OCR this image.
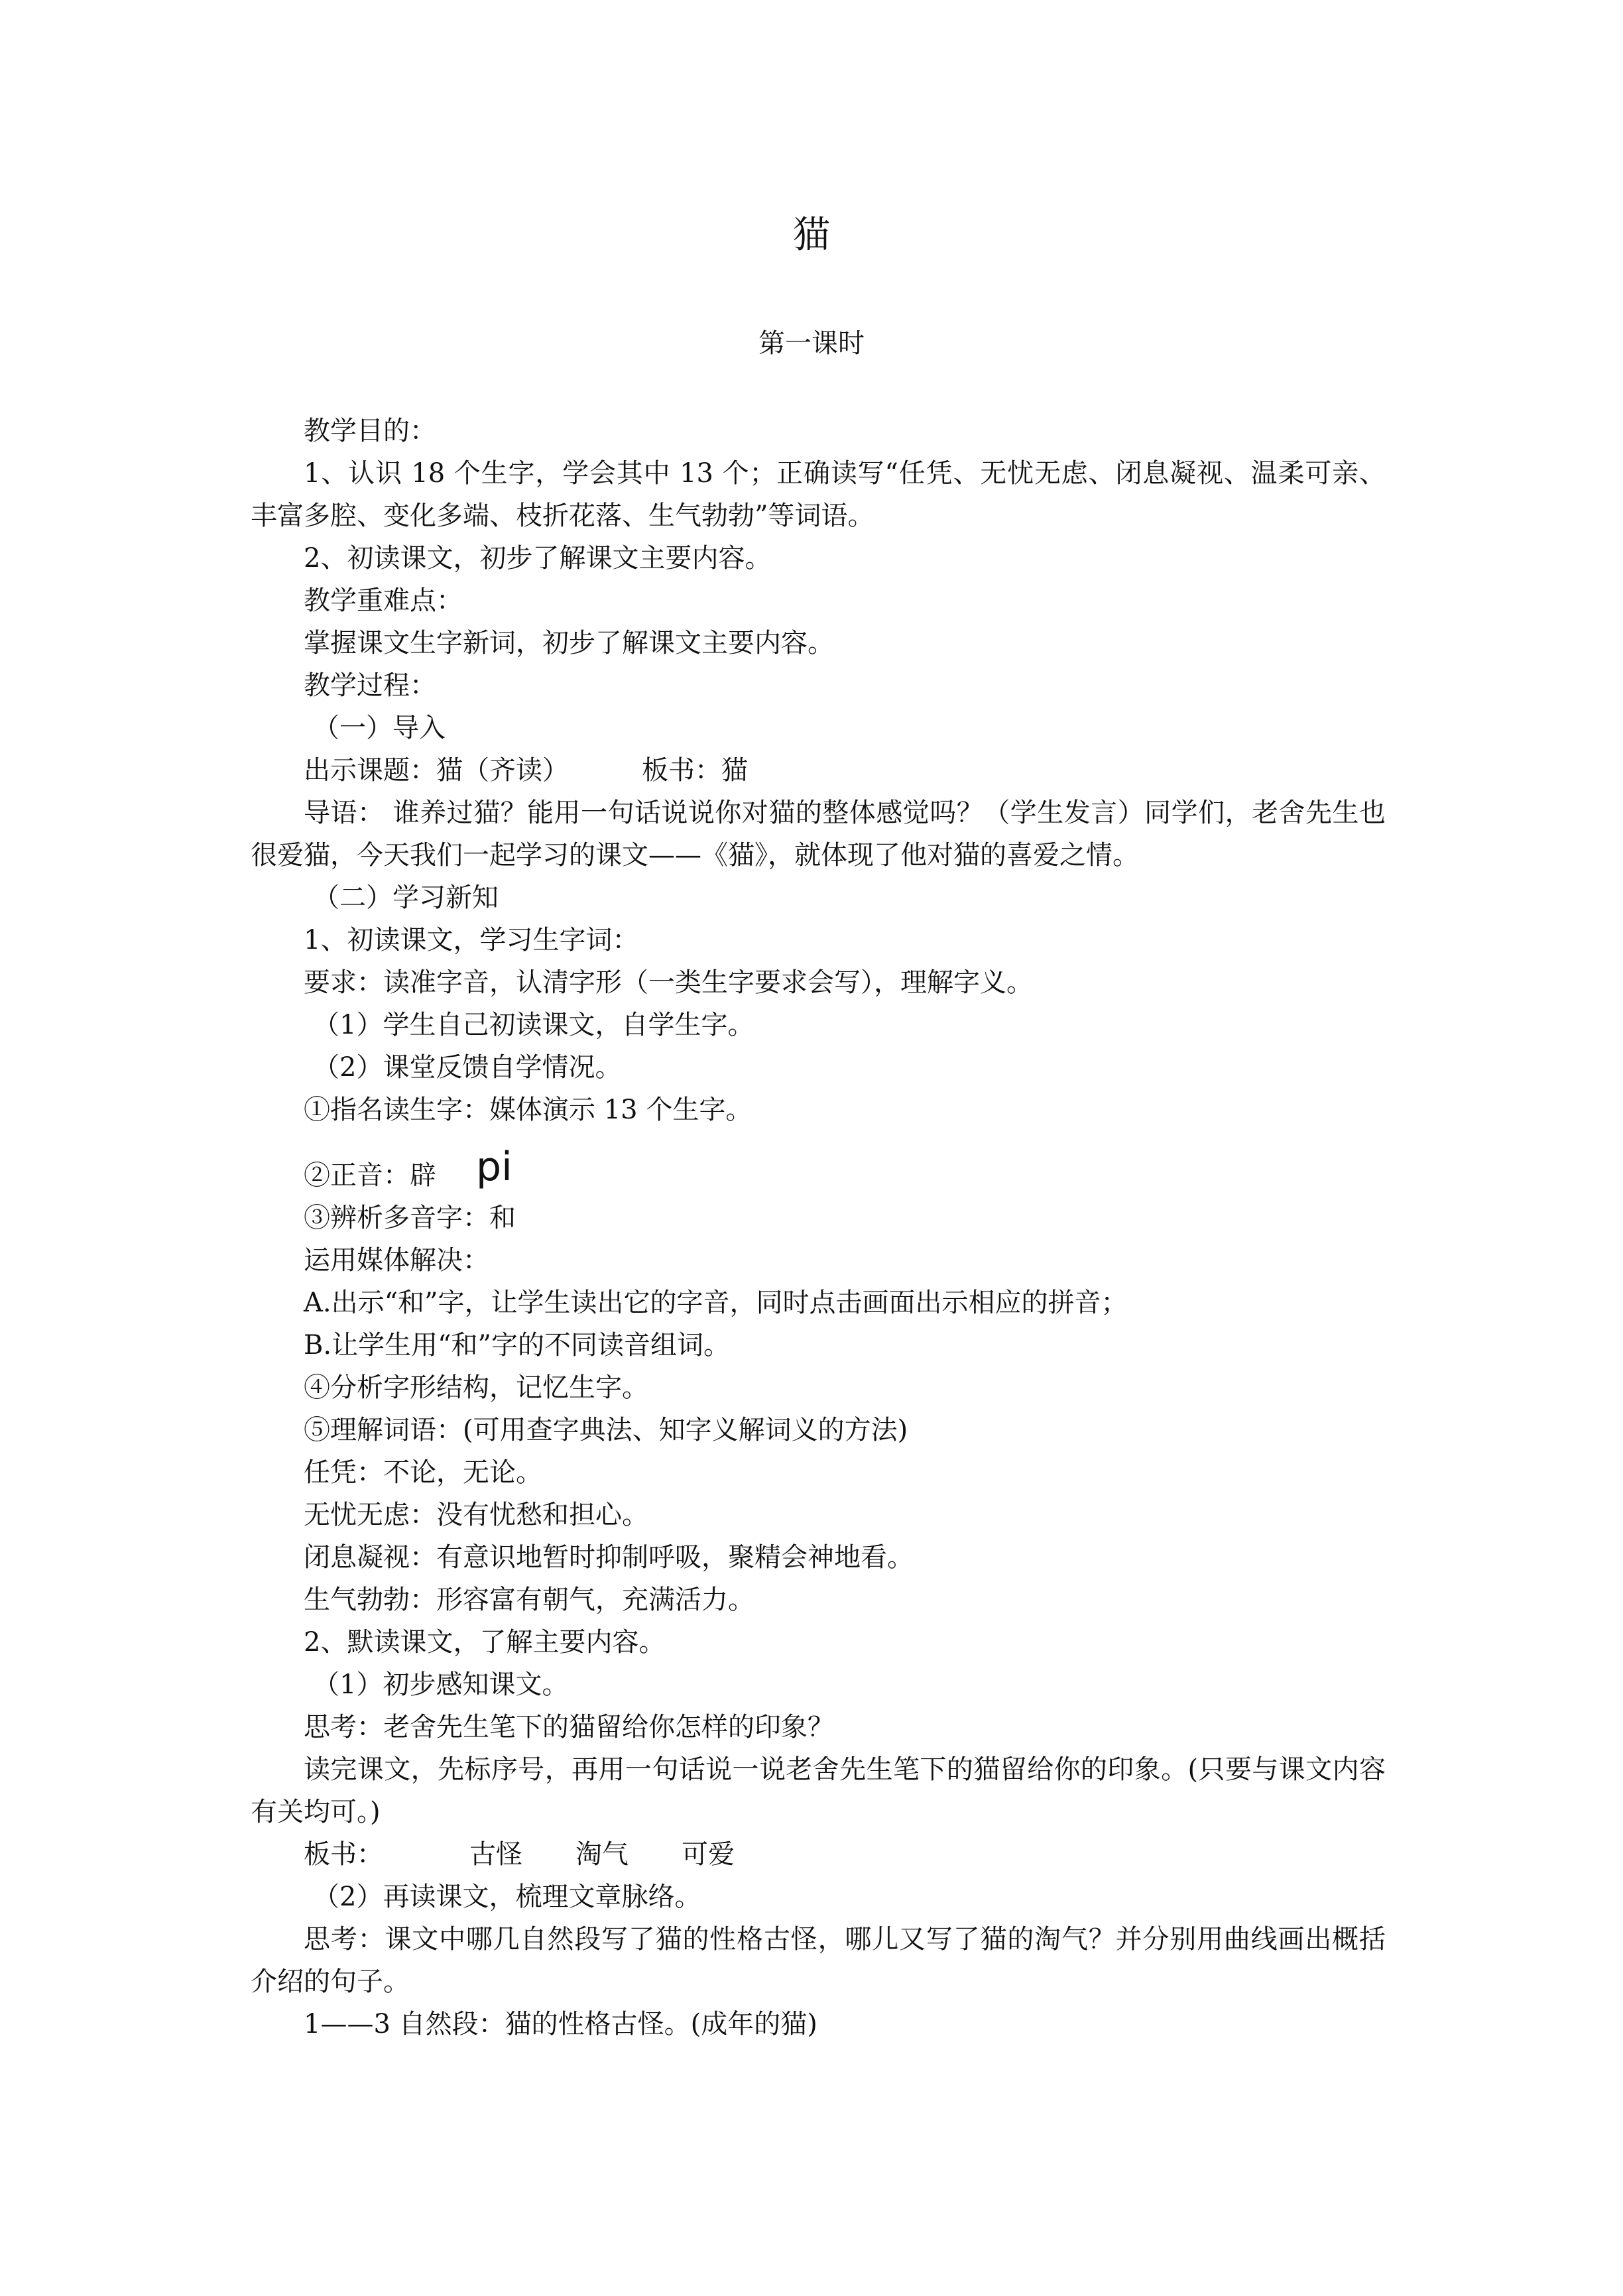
猫
第一课时

教学目的：

1、认识 18 个生字，学会其中 13 个；正确读写“任凭、无忧无虑、闭息凝视、温柔可亲、丰富多腔、变化多端、枝折花落、生气勃勃”等词语。

2、初读课文，初步了解课文主要内容。

教学重难点：

掌握课文生字新词，初步了解课文主要内容。

教学过程：

（一）导入

出示课题：猫（齐读）	板书：猫

导语： 谁养过猫？能用一句话说说你对猫的整体感觉吗？（学生发言）同学们，老舍先生也很爱猫，今天我们一起学习的课文——《猫》，就体现了他对猫的喜爱之情。

（二）学习新知

1、初读课文，学习生字词：

要求：读准字音，认清字形（一类生字要求会写），理解字义。

（1）学生自己初读课文，自学生字。

（2）课堂反馈自学情况。

①指名读生字：媒体演示 13 个生字。

②正音：辟 pi

③辨析多音字：和

运用媒体解决：

A.出示“和”字，让学生读出它的字音，同时点击画面出示相应的拼音；

B.让学生用“和”字的不同读音组词。

④分析字形结构，记忆生字。

⑤理解词语：(可用查字典法、知字义解词义的方法)

任凭：不论，无论。

无忧无虑：没有忧愁和担心。

闭息凝视：有意识地暂时抑制呼吸，聚精会神地看。

生气勃勃：形容富有朝气，充满活力。

2、默读课文，了解主要内容。

（1）初步感知课文。

思考：老舍先生笔下的猫留给你怎样的印象？

读完课文，先标序号，再用一句话说一说老舍先生笔下的猫留给你的印象。(只要与课文内容有关均可。)

板书：	古怪 淘气 可爱

（2）再读课文，梳理文章脉络。

思考：课文中哪几自然段写了猫的性格古怪，哪儿又写了猫的淘气？并分别用曲线画出概括介绍的句子。

1——3 自然段：猫的性格古怪。(成年的猫)
